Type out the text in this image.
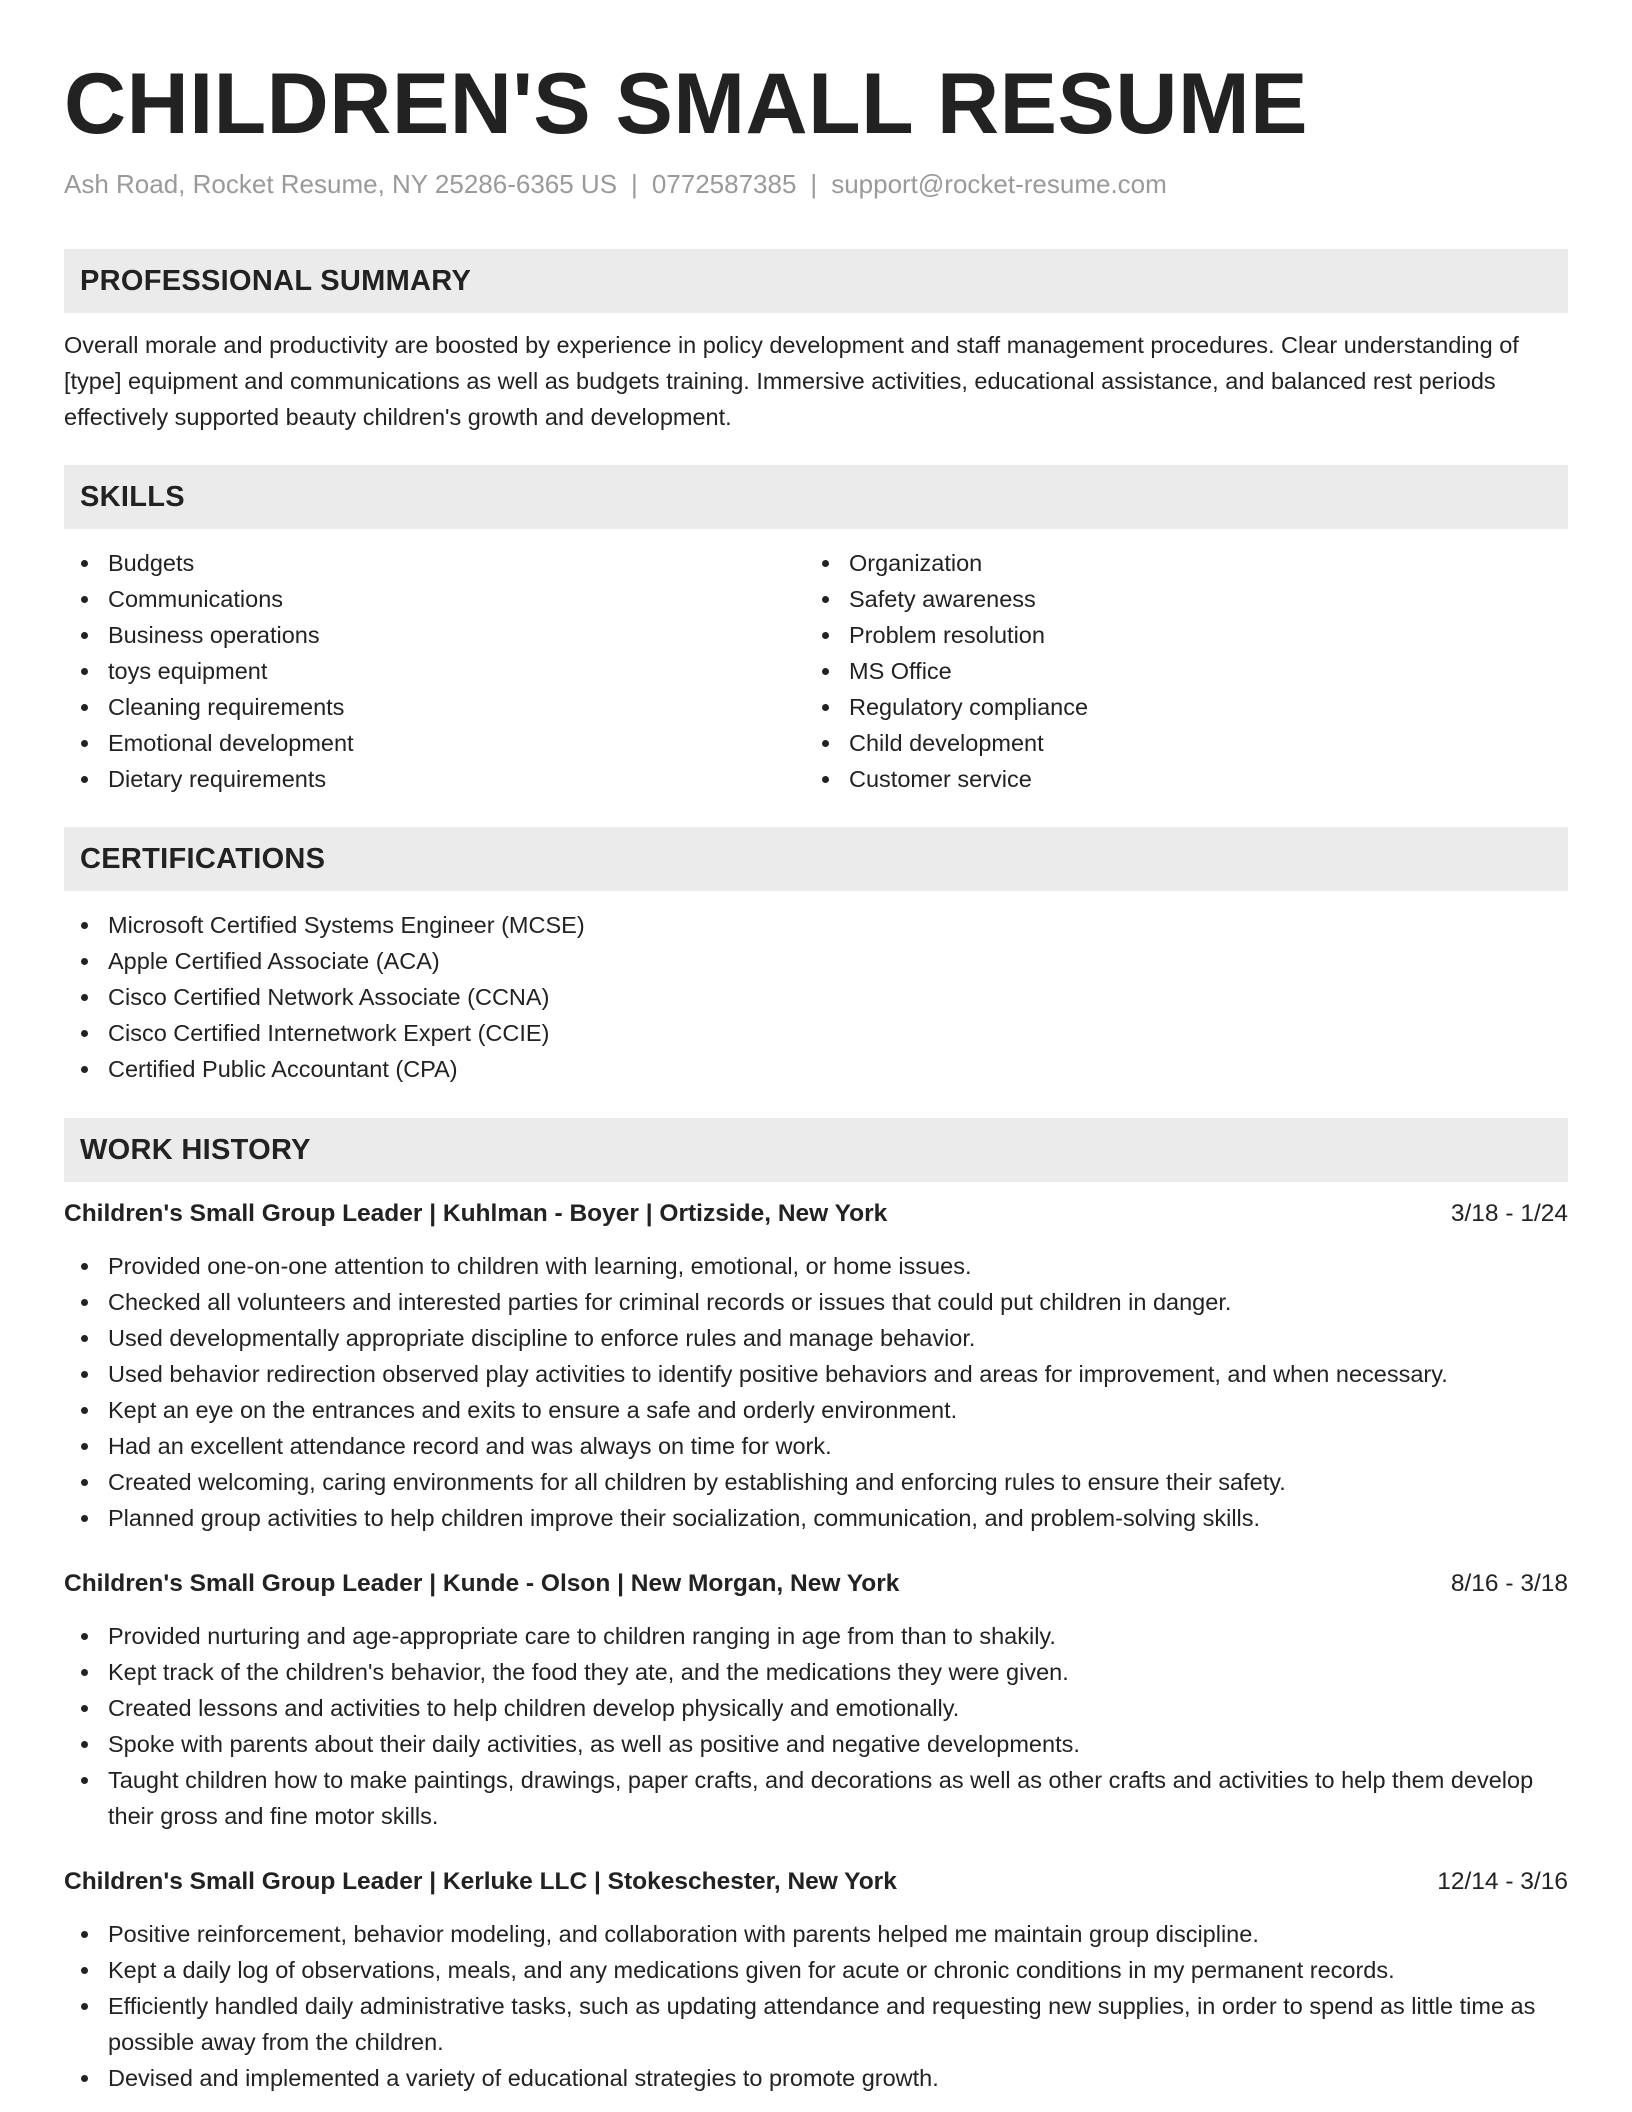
CHILDREN'S SMALL RESUME
Ash Road, Rocket Resume, NY 25286-6365 US | 0772587385 | support@rocket-resume.com
PROFESSIONAL SUMMARY

Overall morale and productivity are boosted by experience in policy development and staff management procedures. Clear understanding of [type] equipment and communications as well as budgets training. Immersive activities, educational assistance, and balanced rest periods effectively supported beauty children's growth and development.

SKILLS
Budgets
Communications
Business operations
toys equipment
Cleaning requirements
Emotional development
Dietary requirements
Organization
Safety awareness
Problem resolution
MS Office
Regulatory compliance
Child development
Customer service
CERTIFICATIONS
Microsoft Certified Systems Engineer (MCSE)
Apple Certified Associate (ACA)
Cisco Certified Network Associate (CCNA)
Cisco Certified Internetwork Expert (CCIE)
Certified Public Accountant (CPA)
WORK HISTORY
Children's Small Group Leader | Kuhlman - Boyer | Ortizside, New York	3/18 - 1/24
Provided one-on-one attention to children with learning, emotional, or home issues.
Checked all volunteers and interested parties for criminal records or issues that could put children in danger.
Used developmentally appropriate discipline to enforce rules and manage behavior.
Used behavior redirection observed play activities to identify positive behaviors and areas for improvement, and when necessary.
Kept an eye on the entrances and exits to ensure a safe and orderly environment.
Had an excellent attendance record and was always on time for work.
Created welcoming, caring environments for all children by establishing and enforcing rules to ensure their safety.
Planned group activities to help children improve their socialization, communication, and problem-solving skills.
Children's Small Group Leader | Kunde - Olson | New Morgan, New York	8/16 - 3/18
Provided nurturing and age-appropriate care to children ranging in age from than to shakily.
Kept track of the children's behavior, the food they ate, and the medications they were given.
Created lessons and activities to help children develop physically and emotionally.
Spoke with parents about their daily activities, as well as positive and negative developments.
Taught children how to make paintings, drawings, paper crafts, and decorations as well as other crafts and activities to help them develop their gross and fine motor skills.
Children's Small Group Leader | Kerluke LLC | Stokeschester, New York	12/14 - 3/16
Positive reinforcement, behavior modeling, and collaboration with parents helped me maintain group discipline.
Kept a daily log of observations, meals, and any medications given for acute or chronic conditions in my permanent records.
Efficiently handled daily administrative tasks, such as updating attendance and requesting new supplies, in order to spend as little time as possible away from the children.
Devised and implemented a variety of educational strategies to promote growth.
